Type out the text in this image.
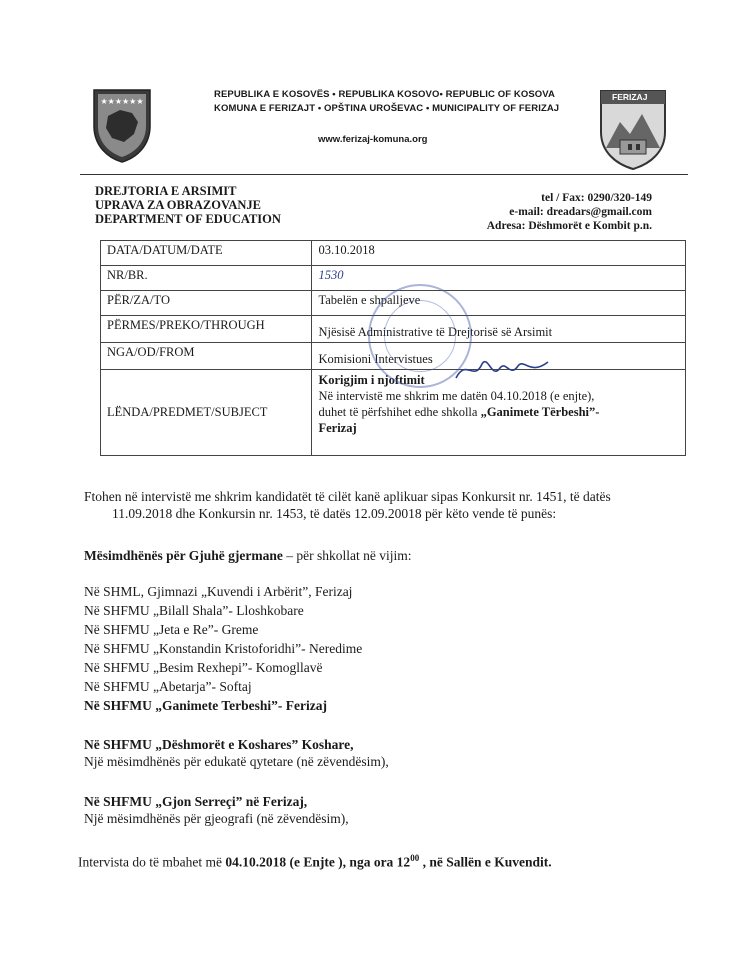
★★★★★★
REPUBLIKA E KOSOVËS • REPUBLIKA KOSOVO• REPUBLIC OF KOSOVA
KOMUNA E FERIZAJT • OPŠTINA UROŠEVAC • MUNICIPALITY OF FERIZAJ
www.ferizaj-komuna.org
FERIZAJ
DREJTORIA E ARSIMIT
UPRAVA ZA OBRAZOVANJE
DEPARTMENT OF EDUCATION
tel / Fax: 0290/320-149
e-mail: dreadars@gmail.com
Adresa: Dëshmorët e Kombit p.n.
DATA/DATUM/DATE	03.10.2018
NR/BR.	1530
PËR/ZA/TO	Tabelën e shpalljeve
PËRMES/PREKO/THROUGH	Njësisë Administrative të Drejtorisë së Arsimit
NGA/OD/FROM	Komisioni Intervistues
LËNDA/PREDMET/SUBJECT	Korigjim i njoftimit
Në intervistë me shkrim me datën 04.10.2018 (e enjte),
duhet të përfshihet edhe shkolla „Ganimete Tërbeshi”-
Ferizaj
Ftohen në intervistë me shkrim kandidatët të cilët kanë aplikuar sipas Konkursit nr. 1451, të datës
11.09.2018 dhe Konkursin nr. 1453, të datës 12.09.20018 për këto vende të punës:
Mësimdhënës për Gjuhë gjermane – për shkollat në vijim:
Në SHML, Gjimnazi „Kuvendi i Arbërit”, Ferizaj
Në SHFMU „Bilall Shala”- Lloshkobare
Në SHFMU „Jeta e Re”- Greme
Në SHFMU „Konstandin Kristoforidhi”- Neredime
Në SHFMU „Besim Rexhepi”- Komogllavë
Në SHFMU „Abetarja”- Softaj
Në SHFMU „Ganimete Terbeshi”- Ferizaj
Në SHFMU „Dëshmorët e Koshares” Koshare,
Një mësimdhënës për edukatë qytetare (në zëvendësim),
Në SHFMU „Gjon Serreçi” në Ferizaj,
Një mësimdhënës për gjeografi (në zëvendësim),
Intervista do të mbahet më 04.10.2018 (e Enjte ), nga ora $12^{00}$ , në Sallën e Kuvendit.
